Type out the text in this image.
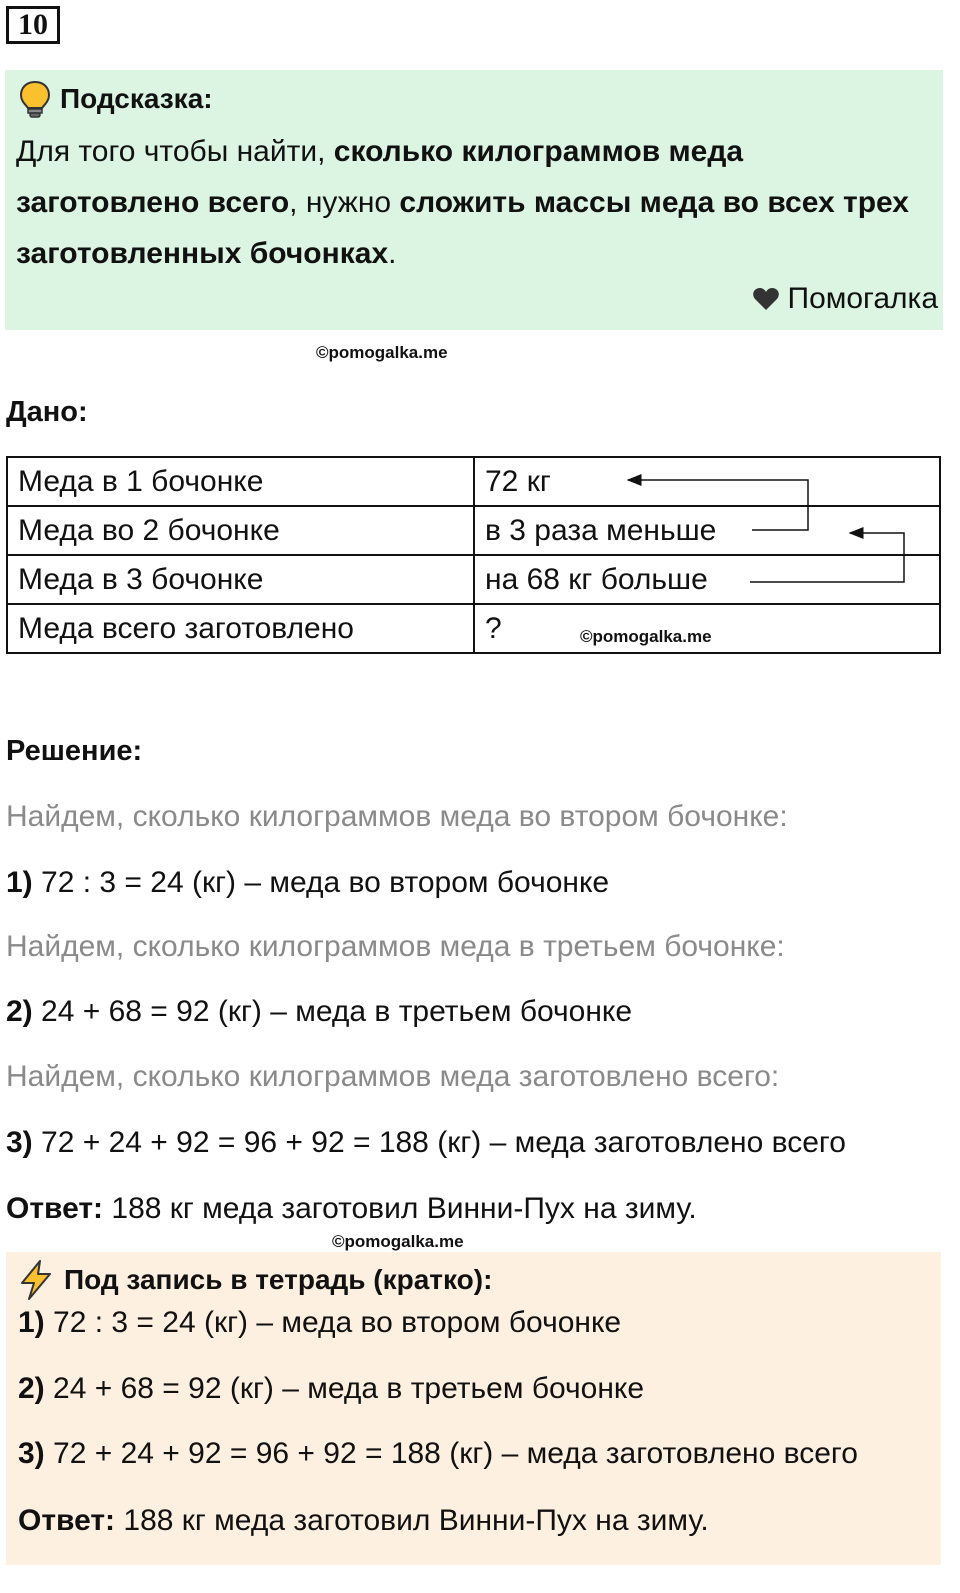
10
Подсказка:
Для того чтобы найти, сколько килограммов меда заготовлено всего, нужно сложить массы меда во всех трех заготовленных бочонках.
Помогалка
©pomogalka.me
Дано:
Меда в 1 бочонке	72 кг
Меда во 2 бочонке	в 3 раза меньше
Меда в 3 бочонке	на 68 кг больше
Меда всего заготовлено	?	©pomogalka.me
Решение:
Найдем, сколько килограммов меда во втором бочонке:
1) 72 : 3 = 24 (кг) – меда во втором бочонке
Найдем, сколько килограммов меда в третьем бочонке:
2) 24 + 68 = 92 (кг) – меда в третьем бочонке
Найдем, сколько килограммов меда заготовлено всего:
3) 72 + 24 + 92 = 96 + 92 = 188 (кг) – меда заготовлено всего
Ответ: 188 кг меда заготовил Винни-Пух на зиму.
©pomogalka.me
Под запись в тетрадь (кратко):
1) 72 : 3 = 24 (кг) – меда во втором бочонке
2) 24 + 68 = 92 (кг) – меда в третьем бочонке
3) 72 + 24 + 92 = 96 + 92 = 188 (кг) – меда заготовлено всего
Ответ: 188 кг меда заготовил Винни-Пух на зиму.
